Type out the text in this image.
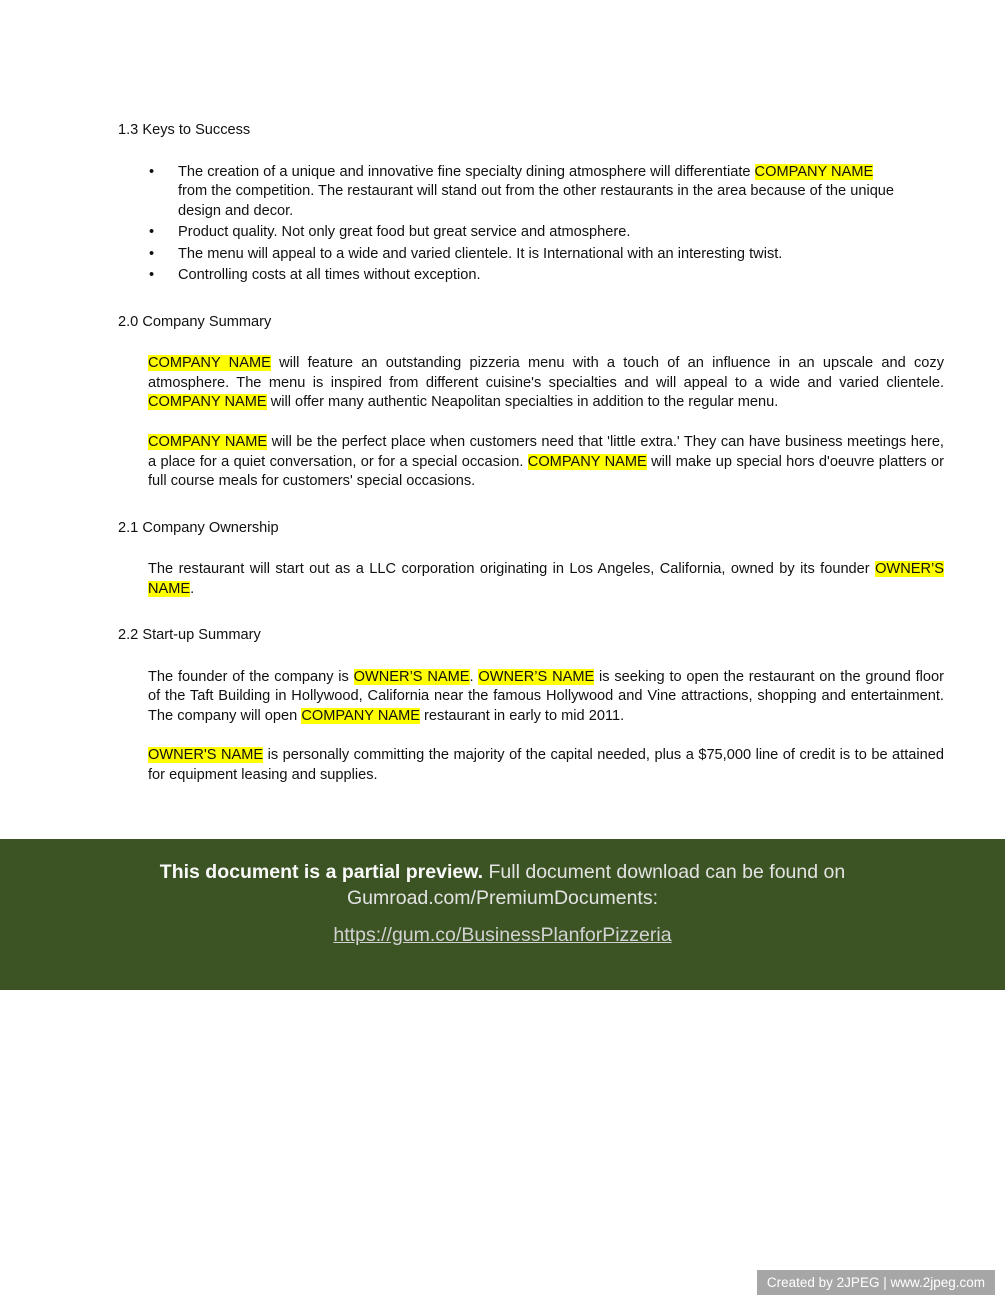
1.3 Keys to Success
• The creation of a unique and innovative fine specialty dining atmosphere will differentiate COMPANY NAME from the competition. The restaurant will stand out from the other restaurants in the area because of the unique design and decor.
• Product quality. Not only great food but great service and atmosphere.
• The menu will appeal to a wide and varied clientele. It is International with an interesting twist.
• Controlling costs at all times without exception.
2.0 Company Summary

COMPANY NAME will feature an outstanding pizzeria menu with a touch of an influence in an upscale and cozy atmosphere. The menu is inspired from different cuisine's specialties and will appeal to a wide and varied clientele. COMPANY NAME will offer many authentic Neapolitan specialties in addition to the regular menu.

COMPANY NAME will be the perfect place when customers need that 'little extra.' They can have business meetings here, a place for a quiet conversation, or for a special occasion. COMPANY NAME will make up special hors d'oeuvre platters or full course meals for customers' special occasions.

2.1 Company Ownership

The restaurant will start out as a LLC corporation originating in Los Angeles, California, owned by its founder OWNER’S NAME.

2.2 Start-up Summary

The founder of the company is OWNER’S NAME. OWNER’S NAME is seeking to open the restaurant on the ground floor of the Taft Building in Hollywood, California near the famous Hollywood and Vine attractions, shopping and entertainment. The company will open COMPANY NAME restaurant in early to mid 2011.

OWNER'S NAME is personally committing the majority of the capital needed, plus a $75,000 line of credit is to be attained for equipment leasing and supplies.

This document is a partial preview. Full document download can be found on Gumroad.com/PremiumDocuments:

https://gum.co/BusinessPlanforPizzeria
Created by 2JPEG | www.2jpeg.com
